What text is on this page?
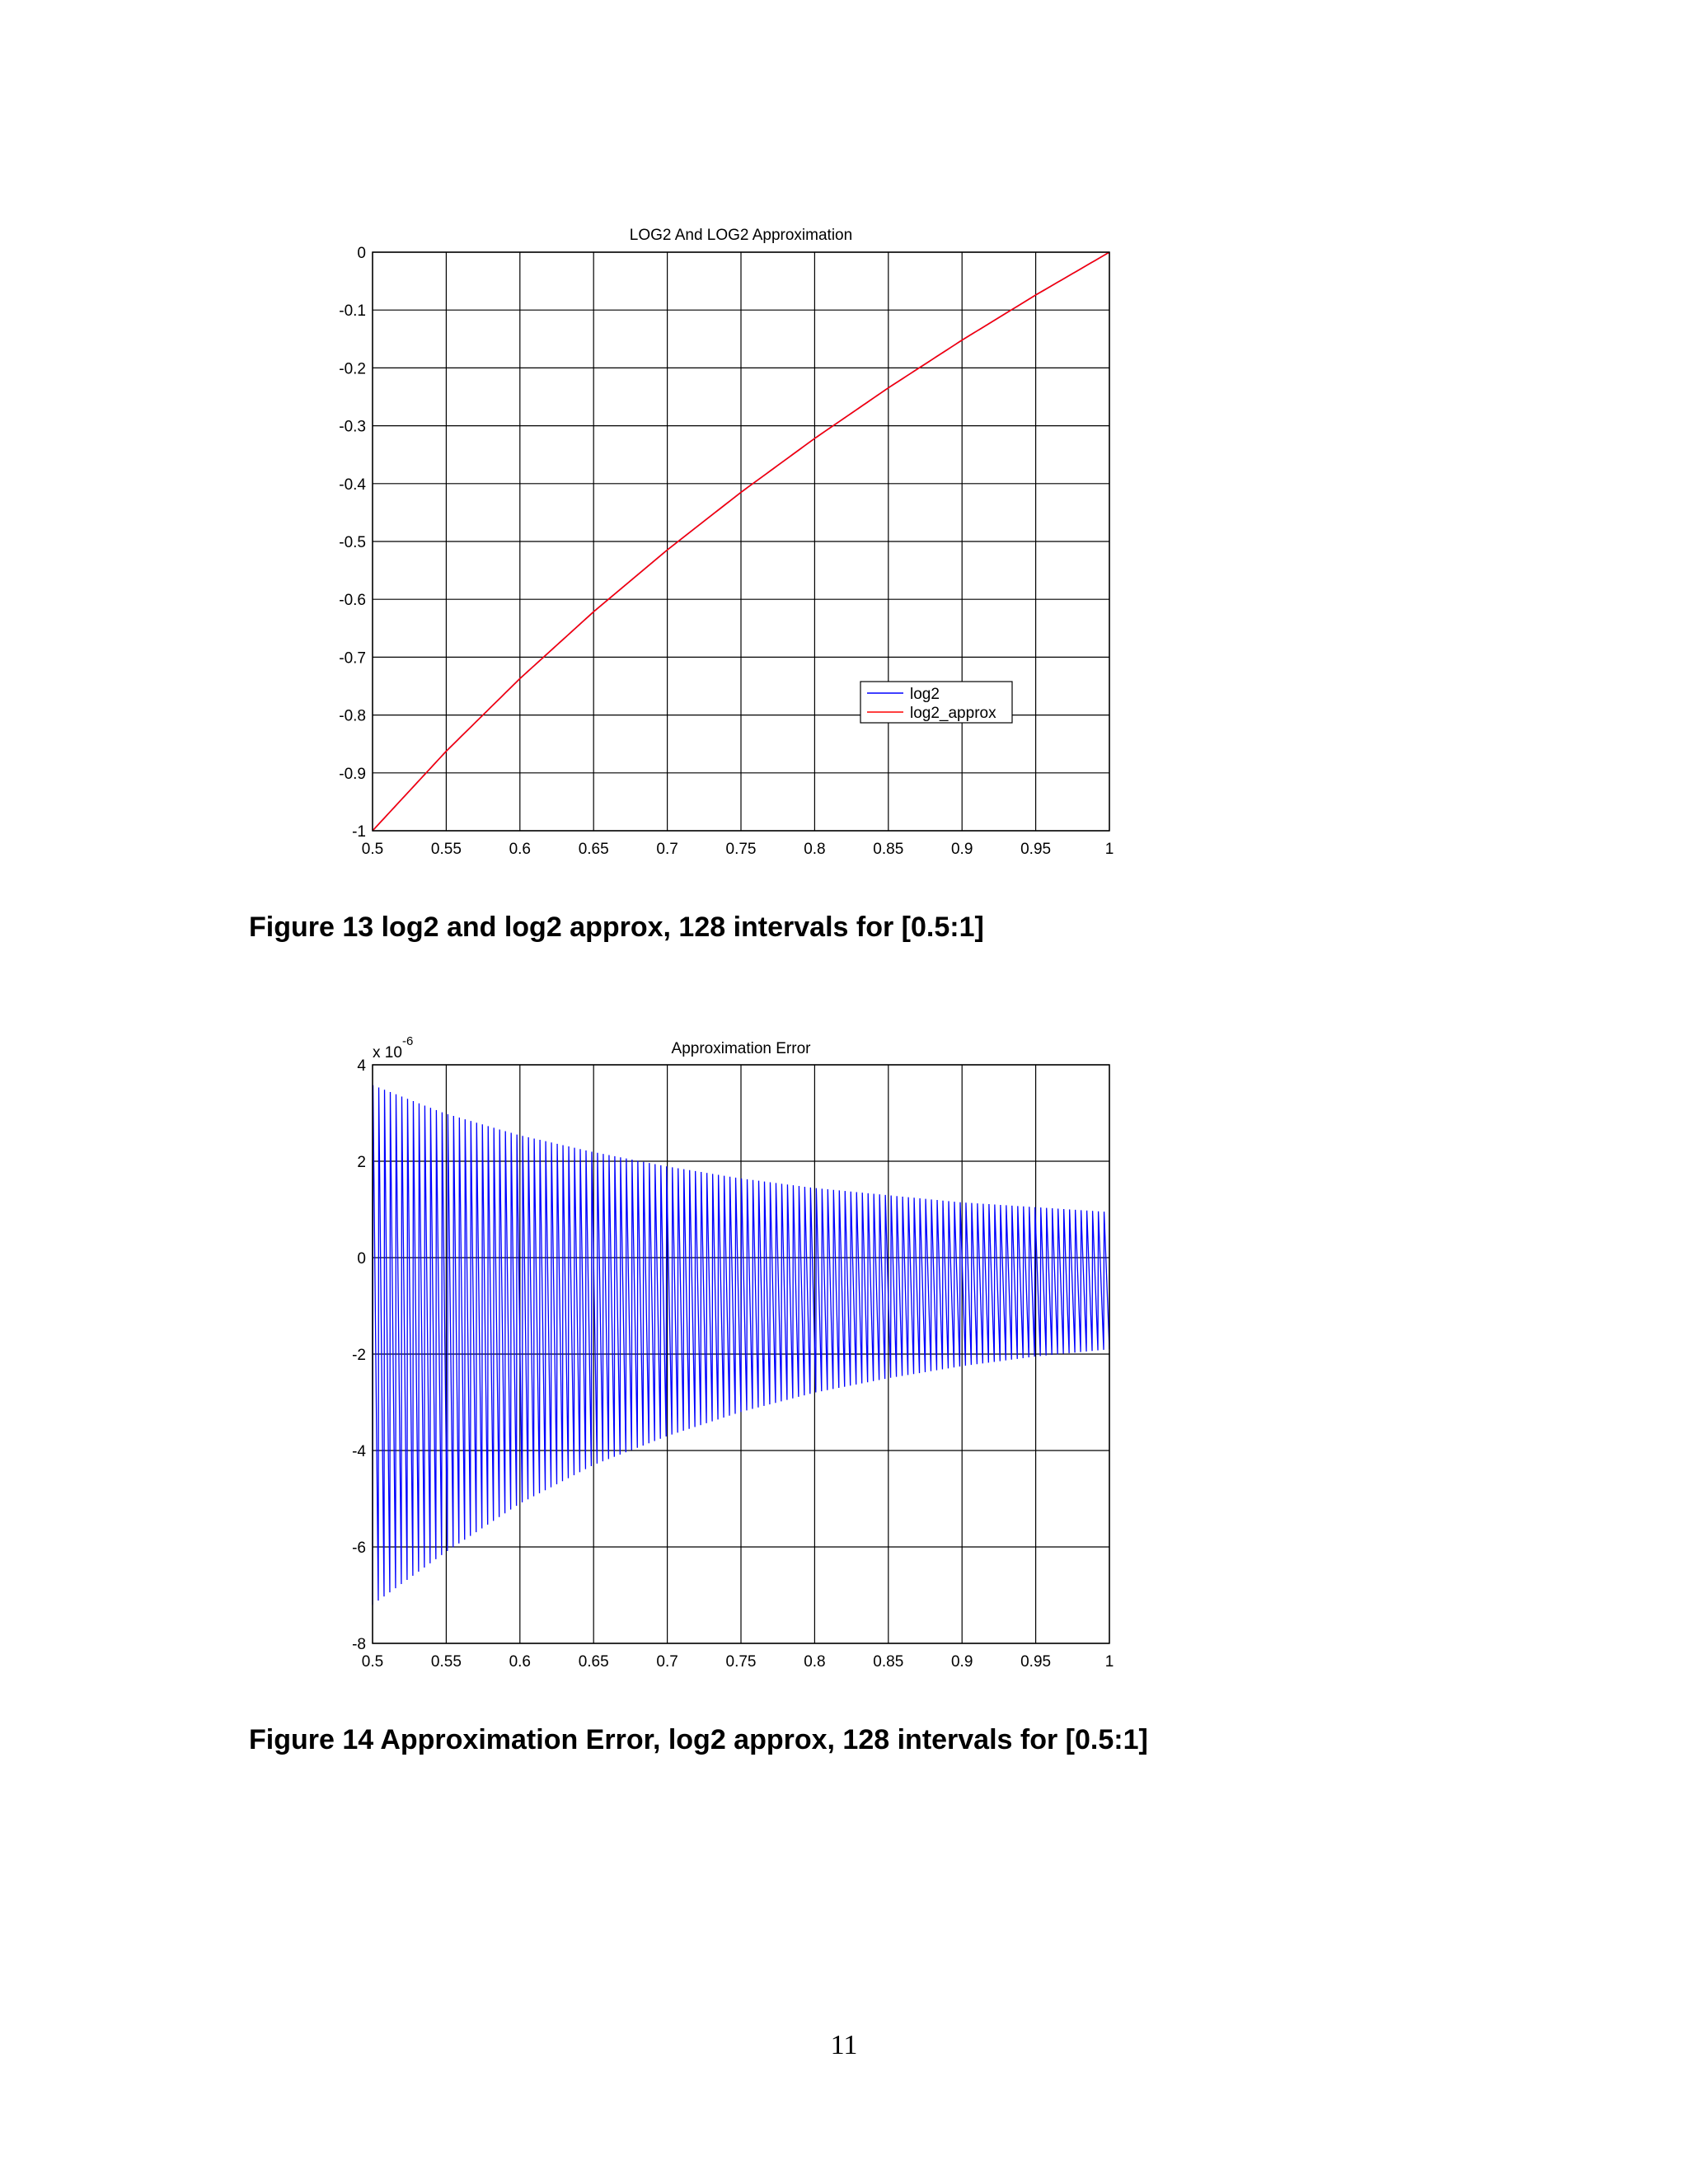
0.5	0.55	0.6	0.65	0.7	0.75	0.8	0.85	0.9	0.95	1
0
-0.1
-0.2
-0.3
-0.4
-0.5
-0.6
-0.7
-0.8
-0.9
-1
LOG2 And LOG2 Approximation
log2
log2_approx
0.5	0.55	0.6	0.65	0.7	0.75	0.8	0.85	0.9	0.95	1
4
2
0
-2
-4
-6
-8
Approximation Error
x 10
-6
Figure 13 log2 and log2 approx, 128 intervals for [0.5:1]
Figure 14 Approximation Error, log2 approx, 128 intervals for [0.5:1]
11
